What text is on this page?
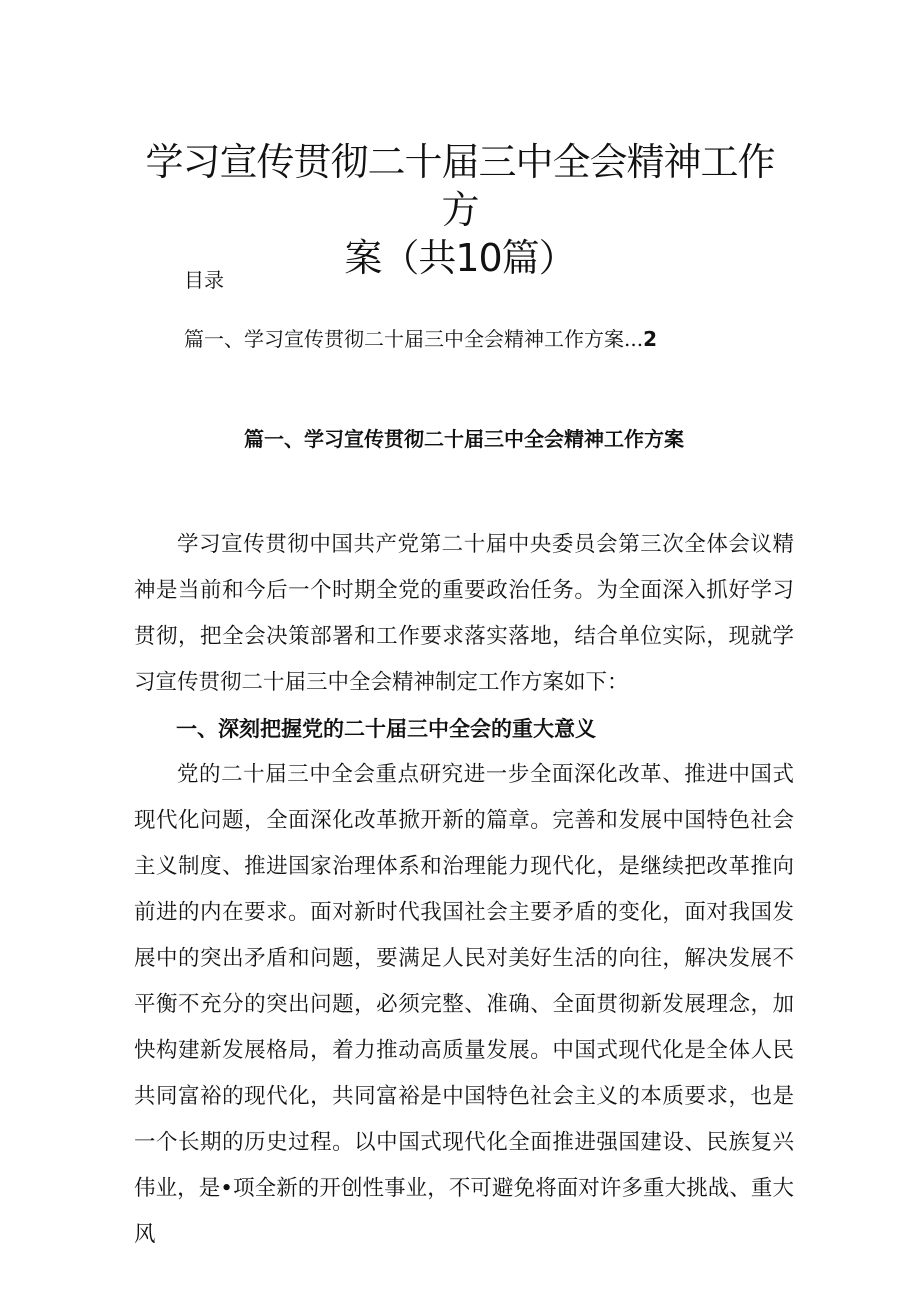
学习宣传贯彻二十届三中全会精神工作方
案（共10篇）

目录

篇一、学习宣传贯彻二十届三中全会精神工作方案...2

篇一、学习宣传贯彻二十届三中全会精神工作方案

学习宣传贯彻中国共产党第二十届中央委员会第三次全体会议精神是当前和今后一个时期全党的重要政治任务。为全面深入抓好学习贯彻，把全会决策部署和工作要求落实落地，结合单位实际，现就学习宣传贯彻二十届三中全会精神制定工作方案如下：

一、深刻把握党的二十届三中全会的重大意义

党的二十届三中全会重点研究进一步全面深化改革、推进中国式现代化问题，全面深化改革掀开新的篇章。完善和发展中国特色社会主义制度、推进国家治理体系和治理能力现代化，是继续把改革推向前进的内在要求。面对新时代我国社会主要矛盾的变化，面对我国发展中的突出矛盾和问题，要满足人民对美好生活的向往，解决发展不平衡不充分的突出问题，必须完整、准确、全面贯彻新发展理念，加快构建新发展格局，着力推动高质量发展。中国式现代化是全体人民共同富裕的现代化，共同富裕是中国特色社会主义的本质要求，也是一个长期的历史过程。以中国式现代化全面推进强国建设、民族复兴伟业，是•项全新的开创性事业，不可避免将面对许多重大挑战、重大风
